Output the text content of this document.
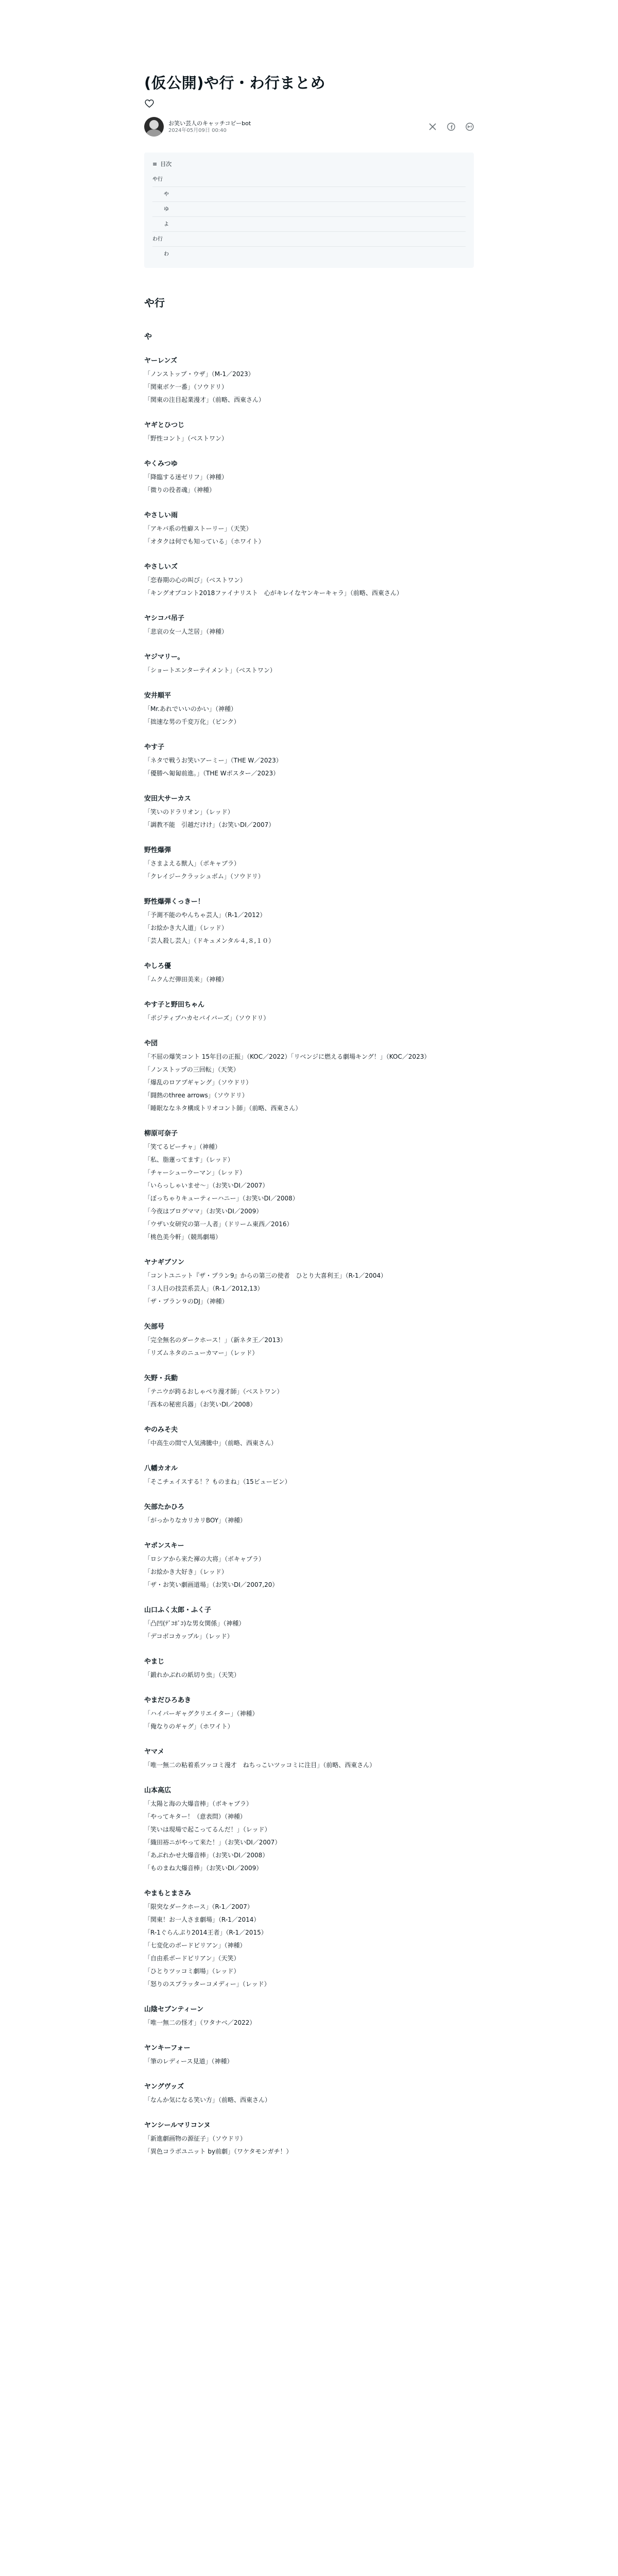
(仮公開)や行・わ行まとめ
お笑い芸人のキャッチコピーbot
2024年05月09日 00:40
≡ 目次
や行
や
ゆ
よ
わ行
わ
や行
や
ヤーレンズ
「ノンストップ・ウザ」（M-1／2023）
「関東ボケ一番」（ソウドリ）
「関東の注目起業漫才」（前略、西東さん）
ヤギとひつじ
「野性コント」（ベストワン）
やくみつゆ
「降臨する迷ゼリフ」（神種）
「微りの役者魂」（神種）
やさしい雨
「アキバ系の性癖ストーリー」（天笑）
「オタクは何でも知っている」（ホワイト）
やさしいズ
「恋春期の心の叫び」（ベストワン）
「キングオブコント2018ファイナリスト　心がキレイなヤンキーキャラ」（前略、西東さん）
ヤシコバ吊子
「悲哀の女一人芝居」（神種）
ヤジマリー。
「ショートエンターテイメント」（ベストワン）
安井順平
「Mr.あれでいいのかい」（神種）
「拙速な男の千変万化」（ピンク）
やす子
「ネタで戦うお笑いアーミー」（THE W／2023）
「優勝へ匍匐前進。」（THE Wポスター／2023）
安田大サーカス
「笑いのドラリオン」（レッド）
「調教不能　引越だけけ」（お笑いDI／2007）
野性爆弾
「さまよえる獣人」（ボキャブラ）
「クレイジークラッシュボム」（ソウドリ）
野性爆弾くっきー！
「予測不能のやんちゃ芸人」（R-1／2012）
「お絵かき大人道」（レッド）
「芸人殺し芸人」（ドキュメンタル４,８,１０）
やしろ優
「ムクんだ弾田美来」（神種）
やす子と野田ちゃん
「ポジティブハカセバイバーズ」（ソウドリ）
や団
「不屈の爆笑コント 15年目の正振」（KOC／2022）「リベンジに燃える劇場キング！」（KOC／2023）
「ノンストップの三回転」（天笑）
「爆乱のロアプギャング」（ソウドリ）
「闘熱のthree arrows」（ソウドリ）
「睡眠ななネタ構成トリオコント師」（前略、西東さん）
柳原可奈子
「笑てるビーチャ」（神種）
「私、脂蓮ってます」（レッド）
「チャーシューウーマン」（レッド）
「いらっしゃいませ～」（お笑いDI／2007）
「ぼっちゃりキューティーハニー」（お笑いDI／2008）
「今夜はブログママ」（お笑いDI／2009）
「ウザい女研究の第一人者」（ドリーム東西／2016）
「桃色美今軒」（競馬劇場）
ヤナギブソン
「コントユニット『ザ・プラン9』からの第三の使者　ひとり大喜利王」（R-1／2004）
「３人目の技芸系芸人」（R-1／2012,13）
「ザ・プラン９のDJ」（神種）
矢部号
「完全無名のダークホース！」（新ネタ王／2013）
「リズムネタのニューカマー」（レッド）
矢野・兵動
「テニウが跨るおしゃべり漫才師」（ベストワン）
「西本の秘密兵器」（お笑いDI／2008）
やのみそ夫
「中高生の間で人気沸騰中」（前略、西東さん）
八幡カオル
「そこチェイスする！？ものまね」（15ビュービン）
矢部たかひろ
「がっかりなカリカリBOY」（神種）
ヤポンスキー
「ロシアから来た褌の大将」（ボキャブラ）
「お絵かき大好き」（レッド）
「ザ・お笑い劇画道場」（お笑いDI／2007,20）
山口ふく太郎・ふく子
「凸凹(ﾃﾞｺﾎﾞｺ)な男女関係」（神種）
「デコボコカップル」（レッド）
やまじ
「鍛れかぶれの紙切り虫」（天笑）
やまだひろあき
「ハイパーギャグクリエイター」（神種）
「俺なりのギャグ」（ホワイト）
ヤマメ
「唯一無二の粘着系ツッコミ漫才　ねちっこいツッコミに注目」（前略、西東さん）
山本高広
「太陽と海の大爆音棒」（ボキャブラ）
「やってキター！（意表問）（神種）
「笑いは現場で起こってるんだ！」（レッド）
「織田裕ニがやって来た！」（お笑いDI／2007）
「あぶれかせ大爆音棒」（お笑いDI／2008）
「ものまね大爆音棒」（お笑いDI／2009）
やまもとまさみ
「限突なダークホース」（R-1／2007）
「関東！お一人さま劇場」（R-1／2014）
「R-1ぐらんぷり2014王者」（R-1／2015）
「七変化のボードビリアン」（神種）
「自由系ボードビリアン」（天笑）
「ひとりツッコミ劇場」（レッド）
「怒りのスプラッターコメディー」（レッド）
山陰セブンティーン
「唯一無二の怪才」（ワタナベ／2022）
ヤンキーフォー
「筆のレディース見道」（神種）
ヤングヴッズ
「なんか気になる笑い方」（前略、西東さん）
ヤンシールマリコンヌ
「新進劇画物の源征子」（ソウドリ）
「異色コラボユニット by前劇」（ワケタモンガチ！）
